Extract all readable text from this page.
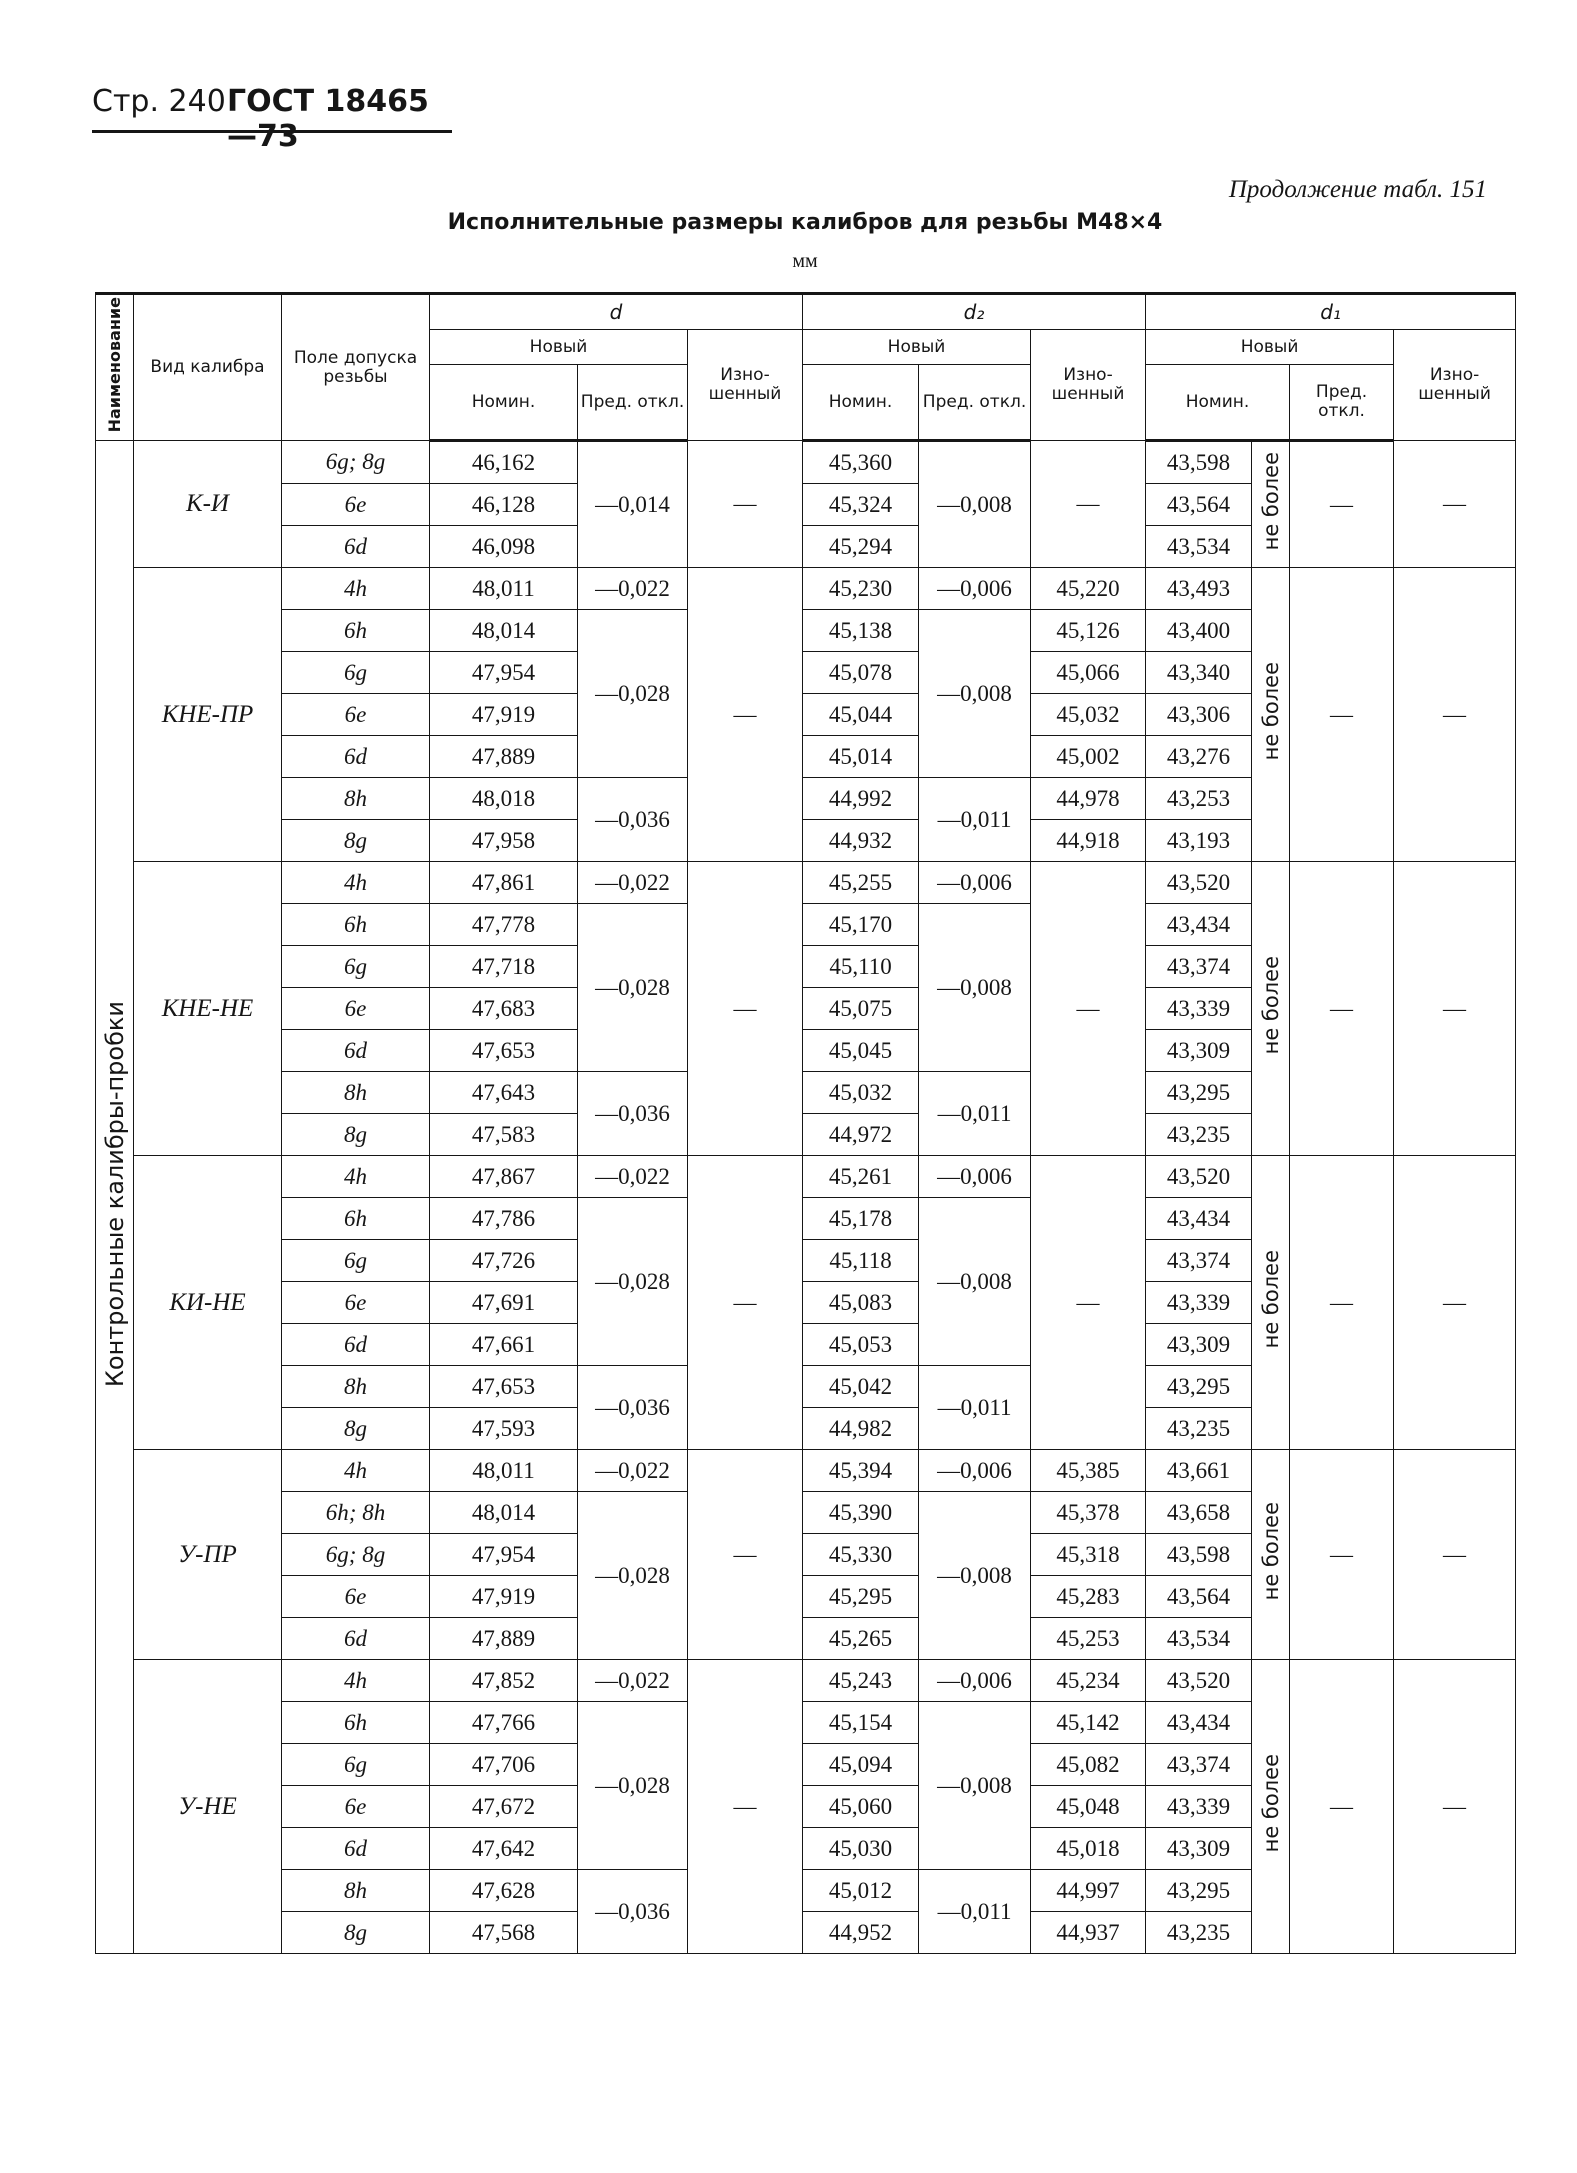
Стр. 240 ГОСТ 18465—73
Продолжение табл. 151
Исполнительные размеры калибров для резьбы М48×4
мм
Наименование	Вид калибра	Поле допуска резьбы	d			d₂			d₁			
			Новый		Изно-шенный	Новый		Изно-шенный	Новый			Изно-шенный
			Номин.	Пред. откл.		Номин.	Пред. откл.		Номин.		Пред. откл.	
Контрольные калибры-пробки	К-И	6g; 8g	46,162	—0,014	—	45,360	—0,008	—	43,598	не более	—	—
		6e	46,128			45,324			43,564			
		6d	46,098			45,294			43,534			
	КНЕ-ПР	4h	48,011	—0,022	—	45,230	—0,006	45,220	43,493	не более	—	—
		6h	48,014	—0,028		45,138	—0,008	45,126	43,400			
		6g	47,954			45,078		45,066	43,340			
		6e	47,919			45,044		45,032	43,306			
		6d	47,889			45,014		45,002	43,276			
		8h	48,018	—0,036		44,992	—0,011	44,978	43,253			
		8g	47,958			44,932		44,918	43,193			
	КНЕ-НЕ	4h	47,861	—0,022	—	45,255	—0,006	—	43,520	не более	—	—
		6h	47,778	—0,028		45,170	—0,008		43,434			
		6g	47,718			45,110			43,374			
		6e	47,683			45,075			43,339			
		6d	47,653			45,045			43,309			
		8h	47,643	—0,036		45,032	—0,011		43,295			
		8g	47,583			44,972			43,235			
	КИ-НЕ	4h	47,867	—0,022	—	45,261	—0,006	—	43,520	не более	—	—
		6h	47,786	—0,028		45,178	—0,008		43,434			
		6g	47,726			45,118			43,374			
		6e	47,691			45,083			43,339			
		6d	47,661			45,053			43,309			
		8h	47,653	—0,036		45,042	—0,011		43,295			
		8g	47,593			44,982			43,235			
	У-ПР	4h	48,011	—0,022	—	45,394	—0,006	45,385	43,661	не более	—	—
		6h; 8h	48,014	—0,028		45,390	—0,008	45,378	43,658			
		6g; 8g	47,954			45,330		45,318	43,598			
		6e	47,919			45,295		45,283	43,564			
		6d	47,889			45,265		45,253	43,534			
	У-НЕ	4h	47,852	—0,022	—	45,243	—0,006	45,234	43,520	не более	—	—
		6h	47,766	—0,028		45,154	—0,008	45,142	43,434			
		6g	47,706			45,094		45,082	43,374			
		6e	47,672			45,060		45,048	43,339			
		6d	47,642			45,030		45,018	43,309			
		8h	47,628	—0,036		45,012	—0,011	44,997	43,295			
		8g	47,568			44,952		44,937	43,235			
